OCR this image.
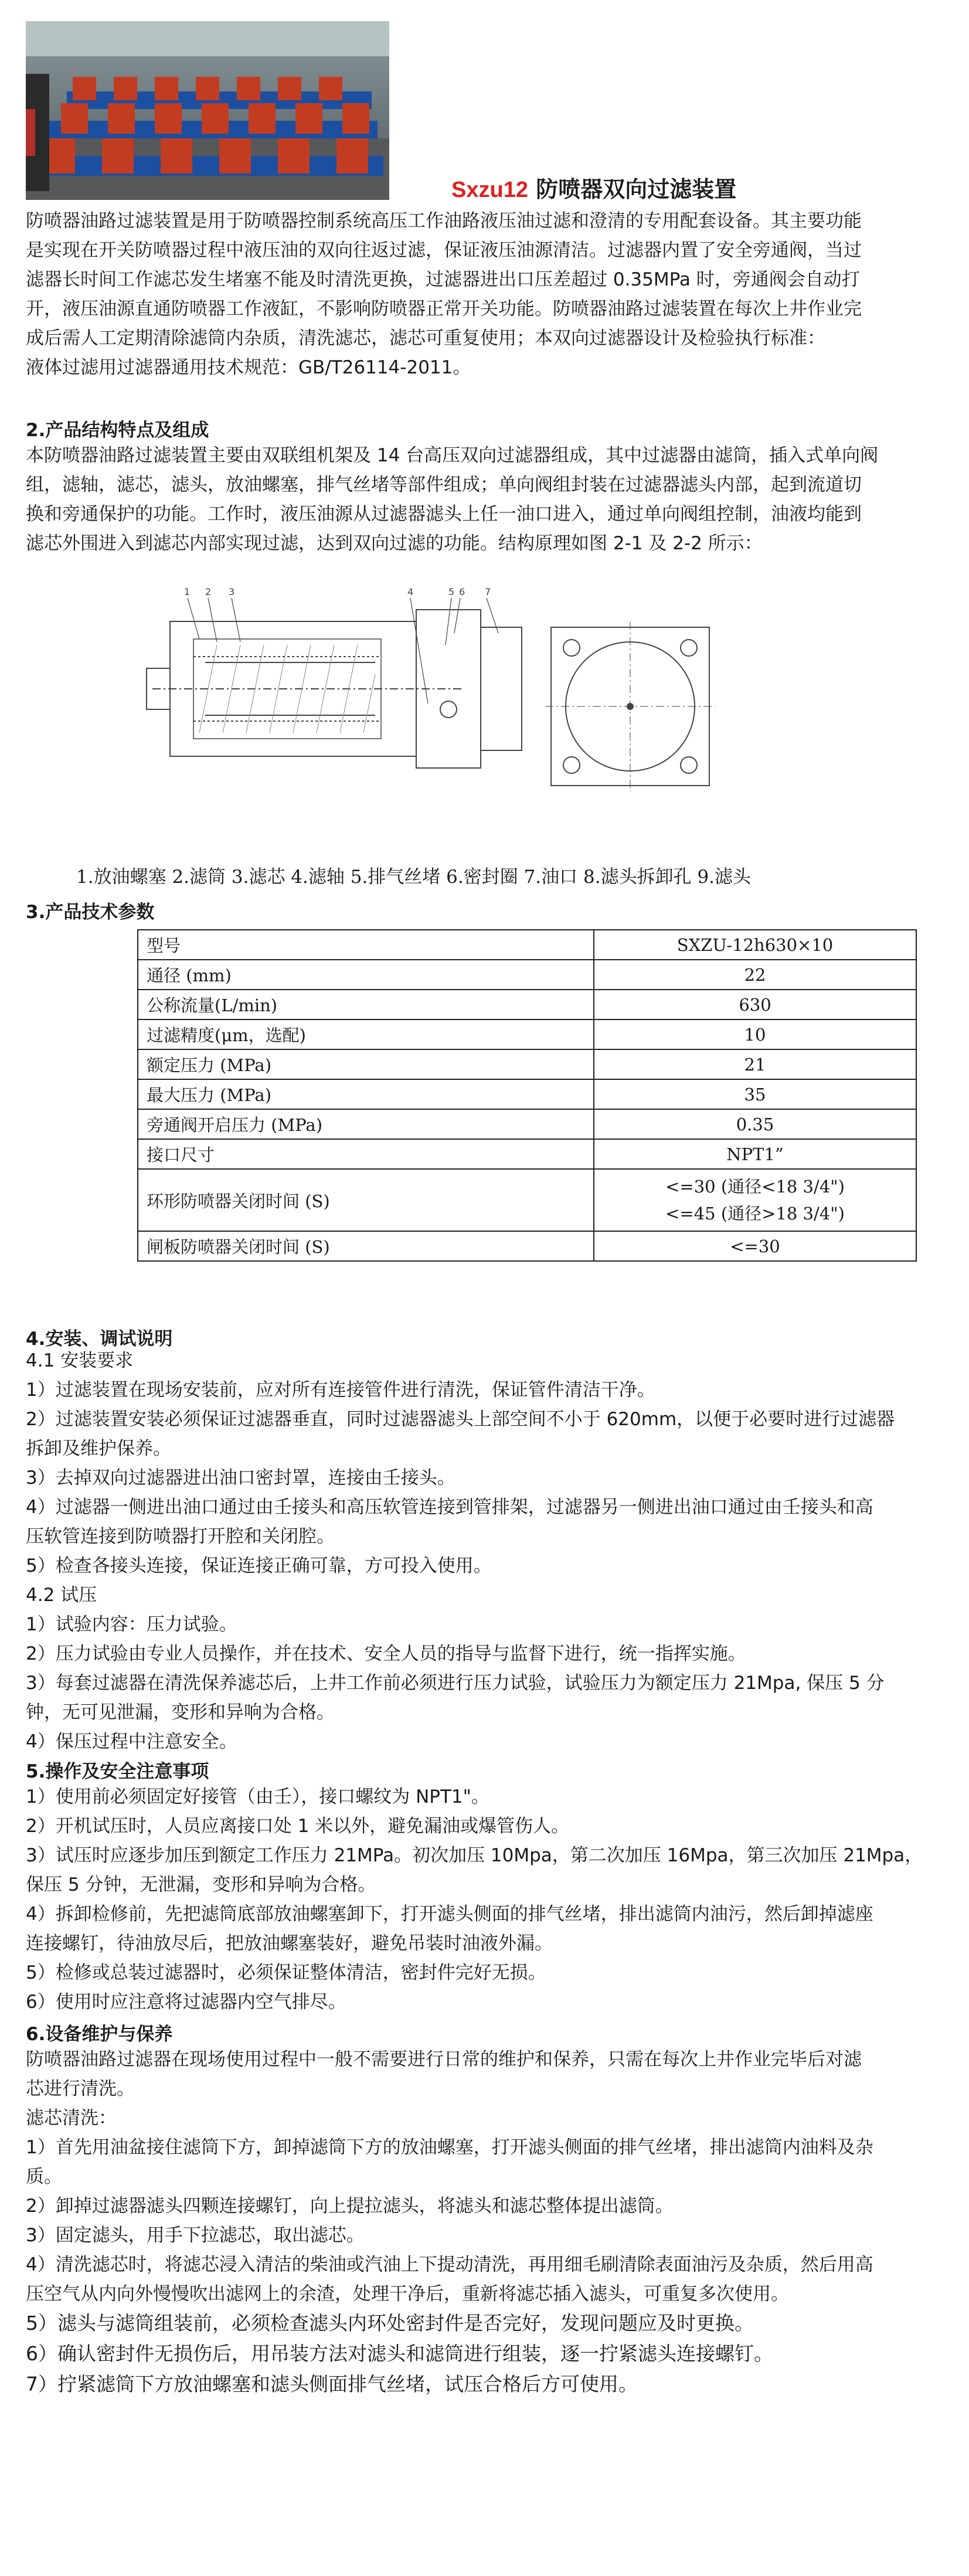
Sxzu12 防喷器双向过滤装置
防喷器油路过滤装置是用于防喷器控制系统高压工作油路液压油过滤和澄清的专用配套设备。其主要功能
是实现在开关防喷器过程中液压油的双向往返过滤，保证液压油源清洁。过滤器内置了安全旁通阀，当过
滤器长时间工作滤芯发生堵塞不能及时清洗更换，过滤器进出口压差超过 0.35MPa 时，旁通阀会自动打
开，液压油源直通防喷器工作液缸，不影响防喷器正常开关功能。防喷器油路过滤装置在每次上井作业完
成后需人工定期清除滤筒内杂质，清洗滤芯，滤芯可重复使用；本双向过滤器设计及检验执行标准：
液体过滤用过滤器通用技术规范：GB/T26114-2011。
2.产品结构特点及组成
本防喷器油路过滤装置主要由双联组机架及 14 台高压双向过滤器组成，其中过滤器由滤筒，插入式单向阀
组，滤轴，滤芯，滤头，放油螺塞，排气丝堵等部件组成；单向阀组封装在过滤器滤头内部，起到流道切
换和旁通保护的功能。工作时，液压油源从过滤器滤头上任一油口进入，通过单向阀组控制，油液均能到
滤芯外围进入到滤芯内部实现过滤，达到双向过滤的功能。结构原理如图 2-1 及 2-2 所示：
1 2 3	4	5 6 7
1.放油螺塞 2.滤筒 3.滤芯 4.滤轴 5.排气丝堵 6.密封圈 7.油口 8.滤头拆卸孔 9.滤头
3.产品技术参数
型号	SXZU-12h630×10
通径 (mm)	22
公称流量(L/min)	630
过滤精度(μm，选配)	10
额定压力 (MPa)	21
最大压力 (MPa)	35
旁通阀开启压力 (MPa)	0.35
接口尺寸	NPT1”
环形防喷器关闭时间 (S)	<=30 (通径<18 3/4")
<=45 (通径>18 3/4")

闸板防喷器关闭时间 (S)	<=30
4.安装、调试说明
4.1 安装要求
1）过滤装置在现场安装前，应对所有连接管件进行清洗，保证管件清洁干净。
2）过滤装置安装必须保证过滤器垂直，同时过滤器滤头上部空间不小于 620mm，以便于必要时进行过滤器
拆卸及维护保养。
3）去掉双向过滤器进出油口密封罩，连接由壬接头。
4）过滤器一侧进出油口通过由壬接头和高压软管连接到管排架，过滤器另一侧进出油口通过由壬接头和高
压软管连接到防喷器打开腔和关闭腔。
5）检查各接头连接，保证连接正确可靠，方可投入使用。
4.2 试压
1）试验内容：压力试验。
2）压力试验由专业人员操作，并在技术、安全人员的指导与监督下进行，统一指挥实施。
3）每套过滤器在清洗保养滤芯后，上井工作前必须进行压力试验，试验压力为额定压力 21Mpa, 保压 5 分
钟，无可见泄漏，变形和异响为合格。
4）保压过程中注意安全。
5.操作及安全注意事项
1）使用前必须固定好接管（由壬），接口螺纹为 NPT1"。
2）开机试压时，人员应离接口处 1 米以外，避免漏油或爆管伤人。
3）试压时应逐步加压到额定工作压力 21MPa。初次加压 10Mpa，第二次加压 16Mpa，第三次加压 21Mpa，
保压 5 分钟，无泄漏，变形和异响为合格。
4）拆卸检修前，先把滤筒底部放油螺塞卸下，打开滤头侧面的排气丝堵，排出滤筒内油污，然后卸掉滤座
连接螺钉，待油放尽后，把放油螺塞装好，避免吊装时油液外漏。
5）检修或总装过滤器时，必须保证整体清洁，密封件完好无损。
6）使用时应注意将过滤器内空气排尽。
6.设备维护与保养
防喷器油路过滤器在现场使用过程中一般不需要进行日常的维护和保养，只需在每次上井作业完毕后对滤
芯进行清洗。
滤芯清洗：
1）首先用油盆接住滤筒下方，卸掉滤筒下方的放油螺塞，打开滤头侧面的排气丝堵，排出滤筒内油料及杂
质。
2）卸掉过滤器滤头四颗连接螺钉，向上提拉滤头，将滤头和滤芯整体提出滤筒。
3）固定滤头，用手下拉滤芯，取出滤芯。
4）清洗滤芯时，将滤芯浸入清洁的柴油或汽油上下提动清洗，再用细毛刷清除表面油污及杂质，然后用高
压空气从内向外慢慢吹出滤网上的余渣，处理干净后，重新将滤芯插入滤头，可重复多次使用。
5）滤头与滤筒组装前，必须检查滤头内环处密封件是否完好，发现问题应及时更换。
6）确认密封件无损伤后，用吊装方法对滤头和滤筒进行组装，逐一拧紧滤头连接螺钉。
7）拧紧滤筒下方放油螺塞和滤头侧面排气丝堵，试压合格后方可使用。
